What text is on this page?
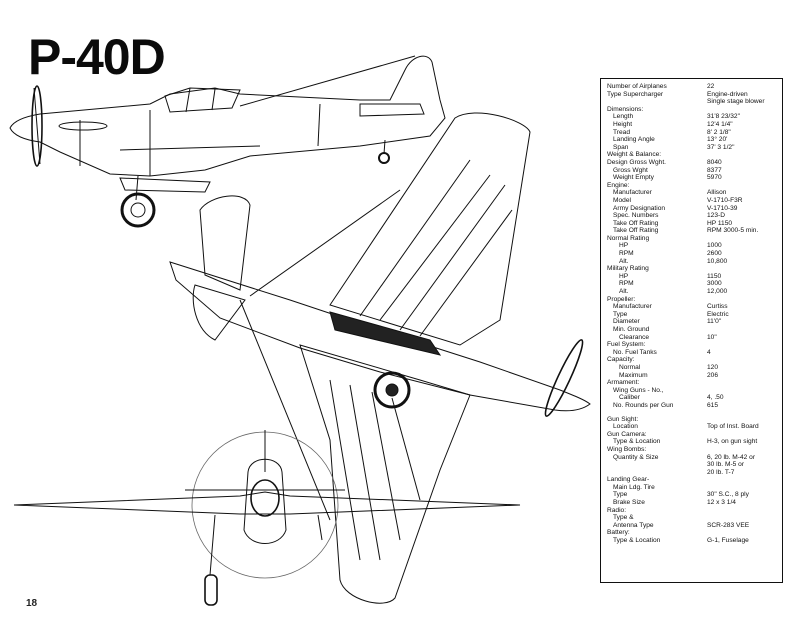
P-40D
Number of Airplanes	22
Type Supercharger	Engine-driven
Single stage blower
Dimensions:
Length	31'8 23/32"
Height	12'4 1/4"
Tread	8' 2 1/8"
Landing Angle	13° 20'
Span	37' 3 1/2"
Weight & Balance:
Design Gross Wght.	8040
Gross Wght	8377
Weight Empty	5970
Engine:
Manufacturer	Allison
Model	V-1710-F3R
Army Designation	V-1710-39
Spec. Numbers	123-D
Take Off Rating	HP 1150
Take Off Rating	RPM 3000-5 min.
Normal Rating
HP	1000
RPM	2600
Alt.	10,800
Military Rating
HP	1150
RPM	3000
Alt.	12,000
Propeller:
Manufacturer	Curtiss
Type	Electric
Diameter	11'0"
Min. Ground
Clearance	10"
Fuel System:
No. Fuel Tanks	4
Capacity:
Normal	120
Maximum	206
Armament:
Wing Guns - No.,
Caliber	4, .50
No. Rounds per Gun	615
Gun Sight:
Location	Top of Inst. Board
Gun Camera:
Type & Location	H-3, on gun sight
Wing Bombs:
Quantity & Size	6, 20 lb. M-42 or
30 lb. M-5 or
20 lb. T-7
Landing Gear-
Main Ldg. Tire
Type	30" S.C., 8 ply
Brake Size	12 x 3 1/4
Radio:
Type &
Antenna Type	SCR-283 VEE
Battery:
Type & Location	G-1, Fuselage
18
